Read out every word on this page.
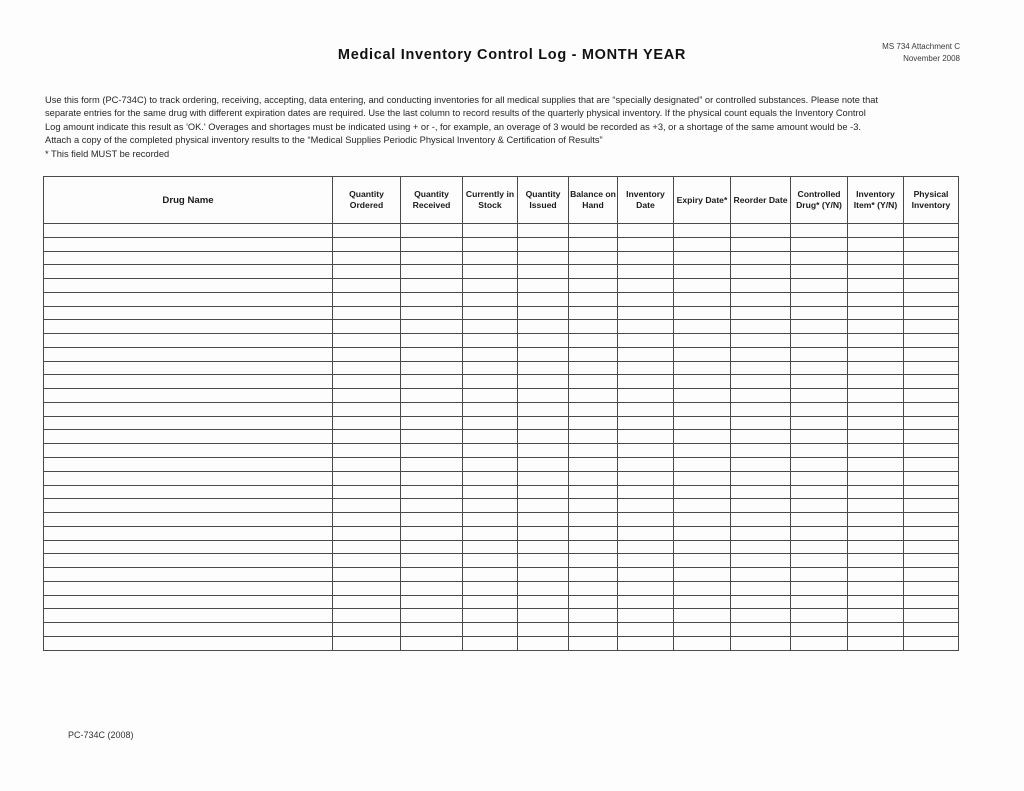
MS 734 Attachment C
November 2008
Medical Inventory Control Log - MONTH YEAR
Use this form (PC-734C) to track ordering, receiving, accepting, data entering, and conducting inventories for all medical supplies that are “specially designated” or controlled substances. Please note that
separate entries for the same drug with different expiration dates are required. Use the last column to record results of the quarterly physical inventory. If the physical count equals the Inventory Control
Log amount indicate this result as 'OK.' Overages and shortages must be indicated using + or -, for example, an overage of 3 would be recorded as +3, or a shortage of the same amount would be -3.
Attach a copy of the completed physical inventory results to the “Medical Supplies Periodic Physical Inventory & Certification of Results”
* This field MUST be recorded
Drug Name	Quantity Ordered	Quantity Received	Currently in Stock	Quantity Issued	Balance on Hand	Inventory Date	Expiry Date*	Reorder Date	Controlled Drug* (Y/N)	Inventory Item* (Y/N)	Physical Inventory

PC-734C (2008)
